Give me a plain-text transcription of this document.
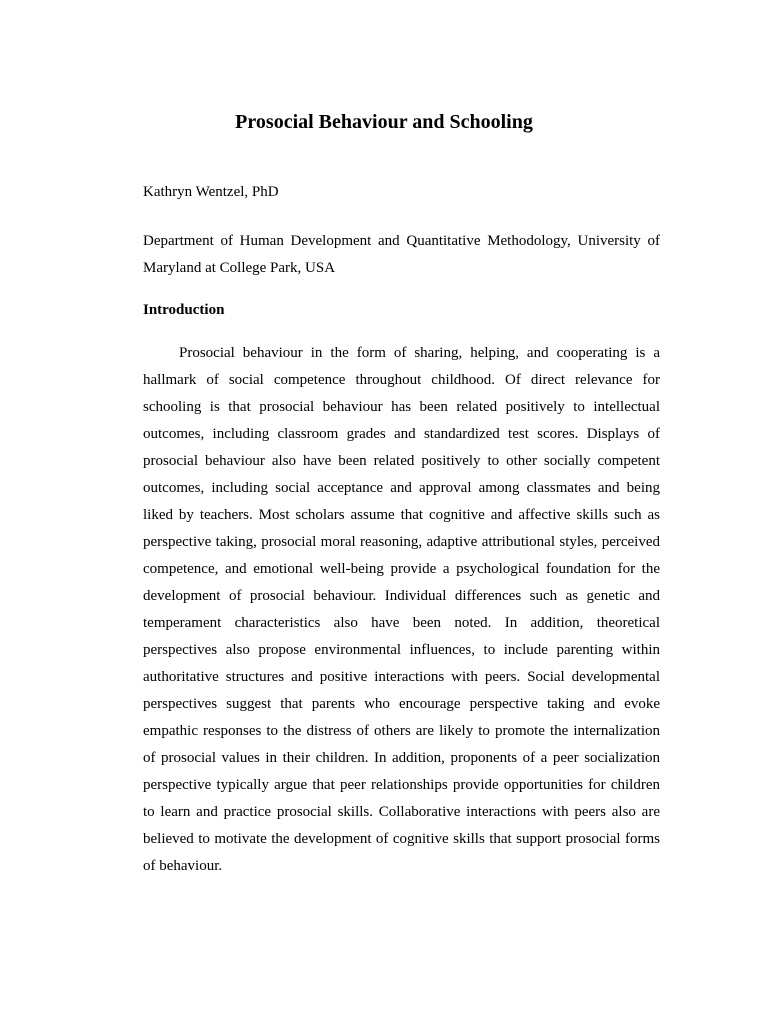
Prosocial Behaviour and Schooling

Kathryn Wentzel, PhD

Department of Human Development and Quantitative Methodology, University of Maryland at College Park, USA

Introduction

Prosocial behaviour in the form of sharing, helping, and cooperating is a hallmark of social competence throughout childhood. Of direct relevance for schooling is that prosocial behaviour has been related positively to intellectual outcomes, including classroom grades and standardized test scores. Displays of prosocial behaviour also have been related positively to other socially competent outcomes, including social acceptance and approval among classmates and being liked by teachers. Most scholars assume that cognitive and affective skills such as perspective taking, prosocial moral reasoning, adaptive attributional styles, perceived competence, and emotional well-being provide a psychological foundation for the development of prosocial behaviour. Individual differences such as genetic and temperament characteristics also have been noted. In addition, theoretical perspectives also propose environmental influences, to include parenting within authoritative structures and positive interactions with peers. Social developmental perspectives suggest that parents who encourage perspective taking and evoke empathic responses to the distress of others are likely to promote the internalization of prosocial values in their children. In addition, proponents of a peer socialization perspective typically argue that peer relationships provide opportunities for children to learn and practice prosocial skills. Collaborative interactions with peers also are believed to motivate the development of cognitive skills that support prosocial forms of behaviour.
